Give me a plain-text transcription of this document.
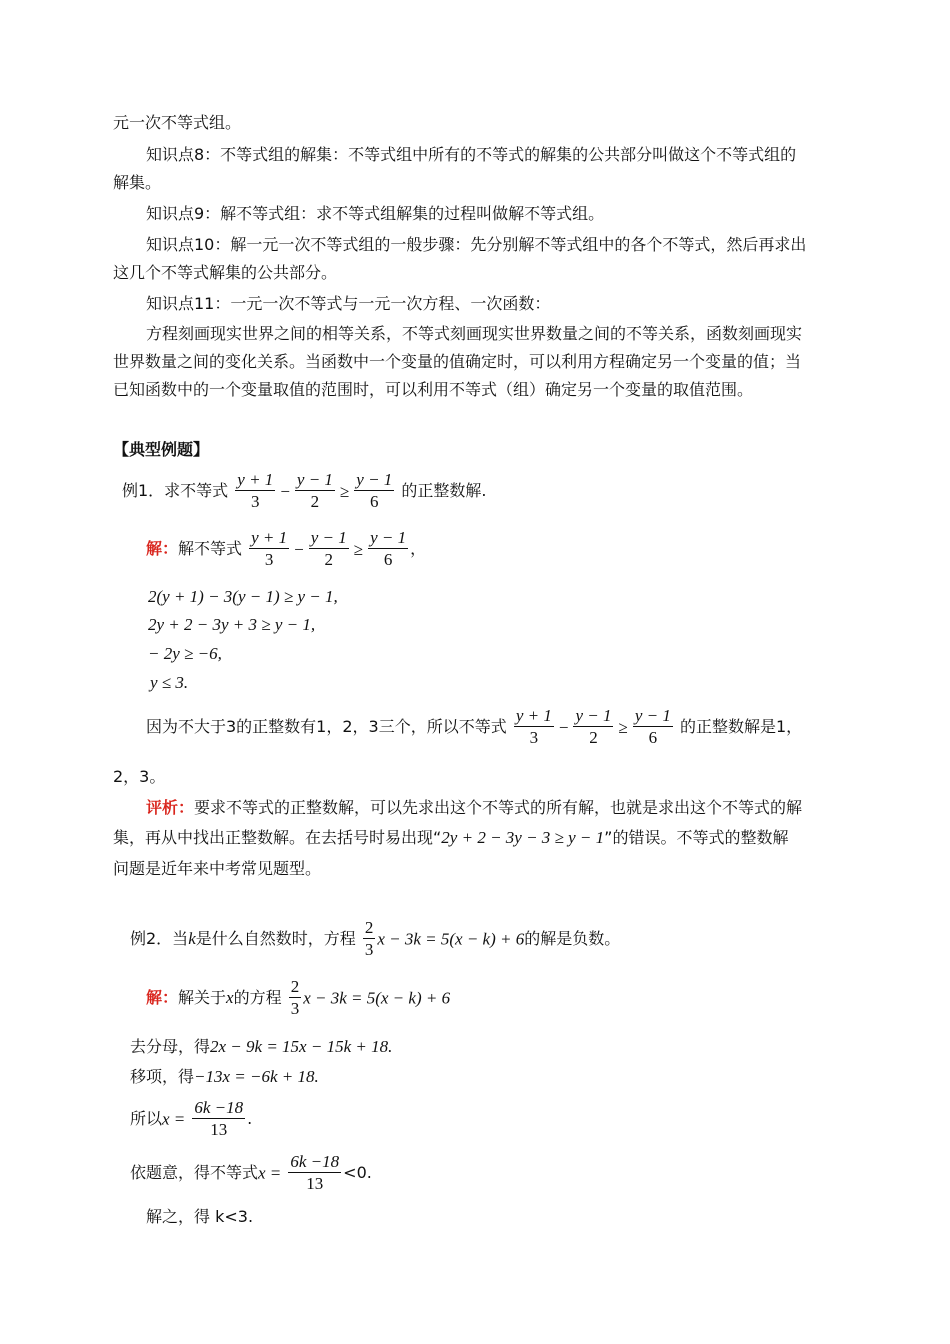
元一次不等式组。
知识点8：不等式组的解集：不等式组中所有的不等式的解集的公共部分叫做这个不等式组的
解集。
知识点9：解不等式组：求不等式组解集的过程叫做解不等式组。
知识点10：解一元一次不等式组的一般步骤：先分别解不等式组中的各个不等式，然后再求出
这几个不等式解集的公共部分。
知识点11：一元一次不等式与一元一次方程、一次函数：
方程刻画现实世界之间的相等关系，不等式刻画现实世界数量之间的不等关系，函数刻画现实
世界数量之间的变化关系。当函数中一个变量的值确定时，可以利用方程确定另一个变量的值；当
已知函数中的一个变量取值的范围时，可以利用不等式（组）确定另一个变量的取值范围。
【典型例题】
例1．求不等式 $\frac{y + 1}{3} - \frac{y - 1}{2} \ge \frac{y - 1}{6}$ 的正整数解.
解：解不等式 $\frac{y + 1}{3} - \frac{y - 1}{2} \ge \frac{y - 1}{6}$ ，
2(y + 1) − 3(y − 1) ≥ y − 1,
2y + 2 − 3y + 3 ≥ y − 1,
− 2y ≥ −6,
y ≤ 3.
因为不大于3的正整数有1，2，3三个，所以不等式 $\frac{y + 1}{3} - \frac{y - 1}{2} \ge \frac{y - 1}{6}$ 的正整数解是1，
2，3。
评析：要求不等式的正整数解，可以先求出这个不等式的所有解，也就是求出这个不等式的解
集，再从中找出正整数解。在去括号时易出现“2y + 2 − 3y − 3 ≥ y − 1”的错误。不等式的整数解
问题是近年来中考常见题型。
例2．当k是什么自然数时，方程 $\frac{2}{3}$ x − 3k = 5(x − k) + 6的解是负数。
解：解关于x的方程 $\frac{2}{3}$ x − 3k = 5(x − k) + 6
去分母，得2x − 9k = 15x − 15k + 18.
移项，得−13x = −6k + 18.
所以$x = \frac{6k -18}{13}$ .
依题意，得不等式$x = \frac{6k -18}{13} <0$.
解之，得 k<3.
